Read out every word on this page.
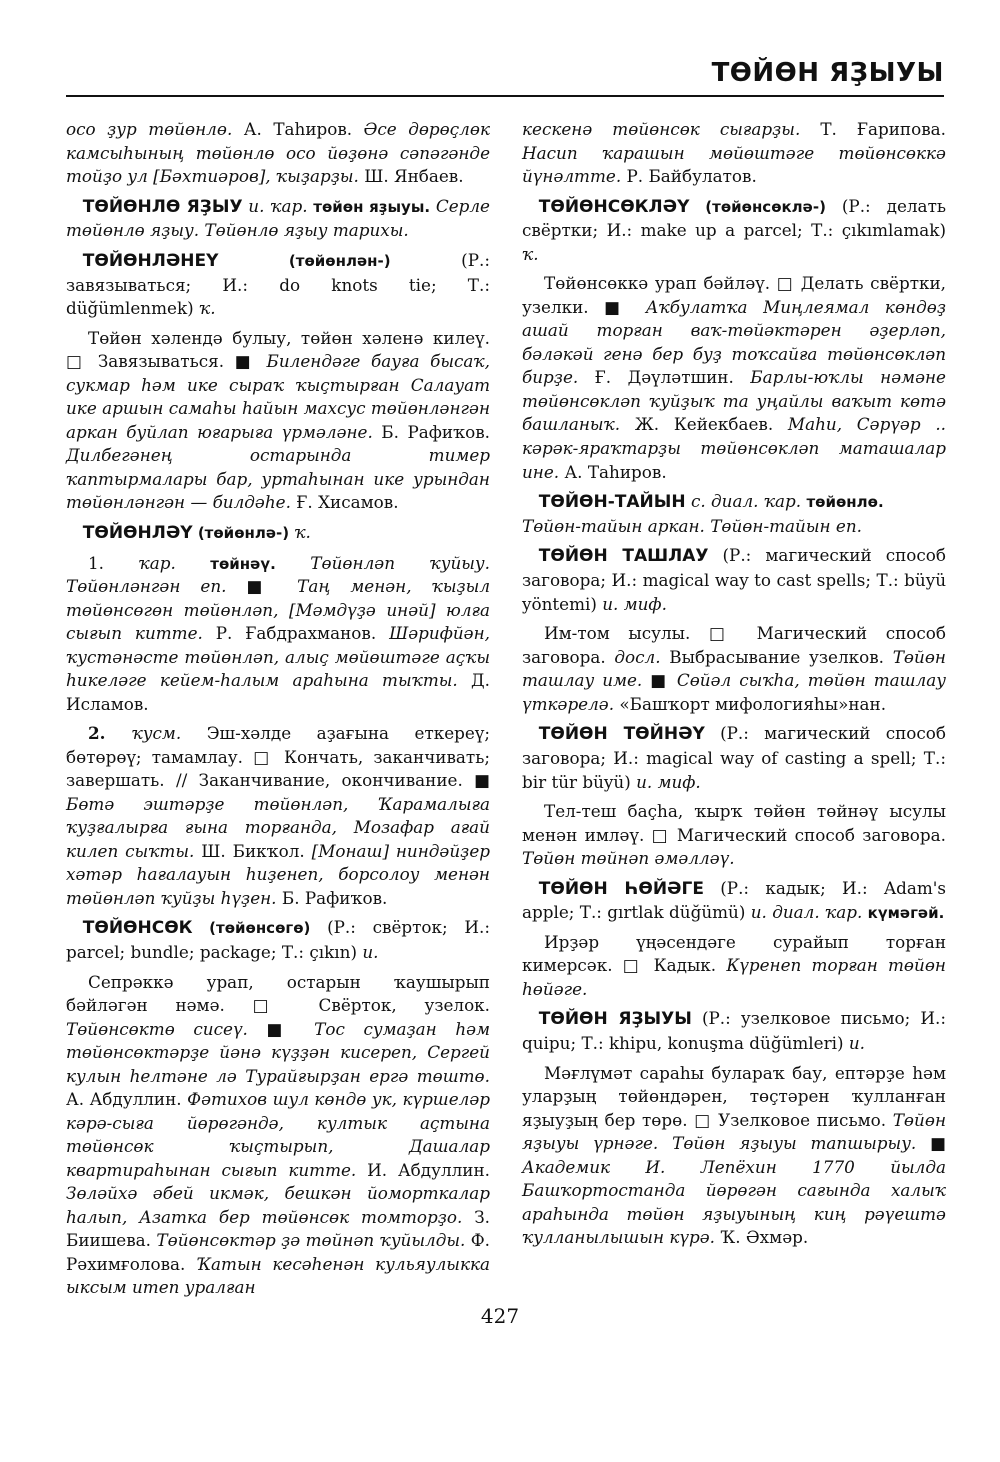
ТӨЙӨН ЯҘЫУЫ

осо ҙур төйөнлө. А. Таһиров. Әсе дөрөҫлөк камсыһының төйөнлө осо йөҙөнә сәпәгәнде тойҙо ул [Бәхтиәров], ҡыҙарҙы. Ш. Янбаев.

 ТӨЙӨНЛӨ ЯҘЫУ и. ҡар. төйөн яҙыуы. Серле төйөнлө яҙыу. Төйөнлө яҙыу тарихы.

 ТӨЙӨНЛӘНЕҮ (төйөнлән-) (Р.: завязываться; И.: do knots tie; Т.: düğümlenmek) ҡ.

Төйөн хәлендә булыу, төйөн хәленә килеү. □ Завязываться. ■ Билендәге бауға бысаҡ, сукмар һәм ике сыраҡ ҡыҫтырған Салауат ике аршын самаһы һайын махсус төйөнләнгән аркан буйлап юғарыға үрмәләне. Б. Рафиҡов. Дилбегәнең остарында тимер ҡаптырмалары бар, уртаһынан ике урындан төйөнләнгән — билдәһе. Ғ. Хисамов.

 ТӨЙӨНЛӘҮ (төйөнлә-) ҡ.

1. ҡар. төйнәү. Төйөнләп ҡуйыу. Төйөнләнгән еп. ■ Таң менән, ҡыҙыл төйөнсөгөн төйөнләп, [Мәмдүҙә инәй] юлға сығып китте. Р. Ғабдрахманов. Шәрифйән, ҡустәнәсте төйөнләп, алыҫ мөйөштәге аҫҡы һикеләге кейем-һалым араһына тыҡты. Д. Исламов.

2. ҡусм. Эш-хәлде аҙағына еткереү; бөтөрөү; тамамлау. □ Кончать, заканчивать; завершать. // Заканчивание, окончивание. ■ Бөтә эштәрҙе төйөнләп, Ҡарамалыға ҡуҙғалырға ғына торғанда, Мозафар ағай килеп сыҡты. Ш. Бикҡол. [Монаш] ниндәйҙер хәтәр һағалауын һиҙенеп, борсолоу менән төйөнләп ҡуйҙы һүҙен. Б. Рафиҡов.

 ТӨЙӨНСӨК (төйөнсөгө) (Р.: свёрток; И.: parcel; bundle; package; Т.: çıkın) и.

Сепрәккә урап, остарын ҡаушырып бәйләгән нәмә. □ Свёрток, узелок. Төйөнсөктө сисеү. ■ Тос сумаҙан һәм төйөнсөктәрҙе йәнә күҙҙән кисереп, Сергей кулын һелтәне лә Турайғырҙан ергә төштө. А. Абдуллин. Фәтихов шул көндө ук, күршеләр кәрә-сыға йөрөгәндә, култык аҫтына төйөнсөк ҡыҫтырып, Дашалар квартираһынан сығып китте. И. Абдуллин. Зөләйхә әбей икмәк, бешкән йоморткалар һалып, Азатка бер төйөнсөк томторҙо. З. Биишева. Төйөнсөктәр ҙә төйнәп ҡуйылды. Ф. Рәхимғолова. Ҡатын кесәһенән кульяулыкка ыксым итеп уралған

кескенә төйөнсөк сығарҙы. Т. Ғарипова. Насип ҡарашын мөйөштәге төйөнсөккә йүнәлтте. Р. Байбулатов.

 ТӨЙӨНСӨКЛӘҮ (төйөнсөклә-) (Р.: делать свёртки; И.: make up a parcel; Т.: çıkımlamak) ҡ.

Төйөнсөккә урап бәйләү. □ Делать свёртки, узелки. ■ Аҡбулатҡа Миңлеямал көндөҙ ашай торған ваҡ-төйәктәрен әҙерләп, бәләкәй генә бер буҙ тоҡсайға төйөнсөкләп бирҙе. Ғ. Дәүләтшин. Барлы-юҡлы нәмәне төйөнсөкләп ҡуйҙыҡ та уңайлы ваҡыт көтә башланыҡ. Ж. Кейекбаев. Маһи, Сәрүәр .. кәрәк-яраҡтарҙы төйөнсөкләп маташалар ине. А. Таһиров.

 ТӨЙӨН-ТАЙЫН с. диал. ҡар. төйөнлө.
Төйөн-тайын аркан. Төйөн-тайын еп.

 ТӨЙӨН ТАШЛАУ (Р.: магический способ заговора; И.: magical way to cast spells; Т.: büyü yöntemi) и. миф.

Им-том ысулы. □ Магический способ заговора. досл. Выбрасывание узелков. Төйөн ташлау име. ■ Сөйәл сыҡһа, төйөн ташлау үткәрелә. «Башҡорт мифологияһы»нан.

 ТӨЙӨН ТӨЙНӘҮ (Р.: магический способ заговора; И.: magical way of casting a spell; Т.: bir tür büyü) и. миф.

Тел-теш баҫһа, ҡырҡ төйөн төйнәү ысулы менән имләү. □ Магический способ заговора. Төйөн төйнәп әмәлләү.

 ТӨЙӨН ҺӨЙӘГЕ (Р.: кадык; И.: Adam's apple; Т.: gırtlak düğümü) и. диал. ҡар. күмәгәй.

Ирҙәр үңәсендәге сурайып торған кимерсәк. □ Кадык. Күренеп торған төйөн һөйәге.

 ТӨЙӨН ЯҘЫУЫ (Р.: узелковое письмо; И.: quipu; Т.: khipu, konuşma düğümleri) и.

Мәғлүмәт сараһы булараҡ бау, ептәрҙе һәм уларҙың төйөндәрен, төҫтәрен ҡулланған яҙыуҙың бер төрө. □ Узелковое письмо. Төйөн яҙыуы үрнәге. Төйөн яҙыуы тапшырыу. ■ Академик И. Лепёхин 1770 йылда Башҡортостанда йөрөгән сағында халыҡ араһында төйөн яҙыуының киң рәүештә ҡулланылышын күрә. Ҡ. Әхмәр.

427
